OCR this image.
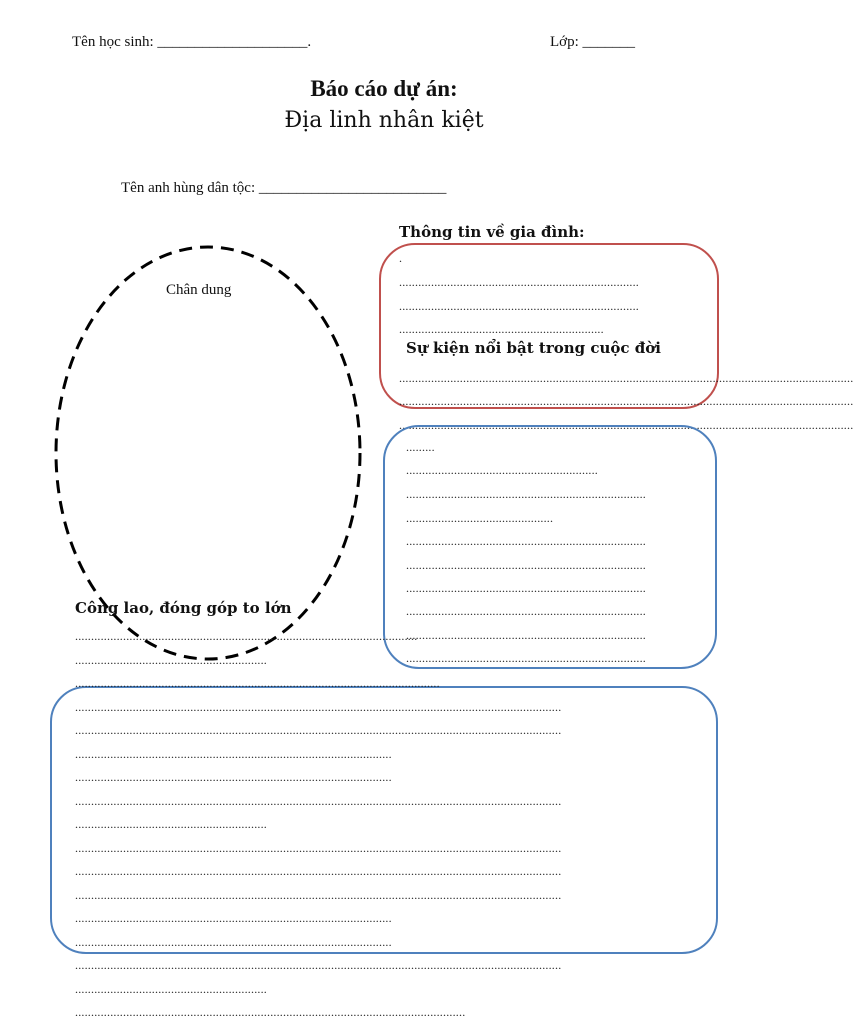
Tên học sinh: ____________________.	Lớp: _______
Báo cáo dự án:
Địa linh nhân kiệt
Tên anh hùng dân tộc: _________________________
Chân dung
Thông tin về gia đình:
.
...........................................................................
...........................................................................
................................................................
Sự kiện nổi bật trong cuộc đời
..............................................................................................................................................
..............................................................................................................................................
..............................................................................................................................................
.........
............................................................
...........................................................................
..............................................
...........................................................................
...........................................................................
...........................................................................
...........................................................................
...........................................................................
...........................................................................
Công lao, đóng góp to lớn
...........................................................................................................
............................................................
..................................................................................................................
........................................................................................................................................................
........................................................................................................................................................
...................................................................................................
...................................................................................................
........................................................................................................................................................
............................................................
........................................................................................................................................................
........................................................................................................................................................
........................................................................................................................................................
...................................................................................................
...................................................................................................
........................................................................................................................................................
............................................................
..........................................................................................................................
